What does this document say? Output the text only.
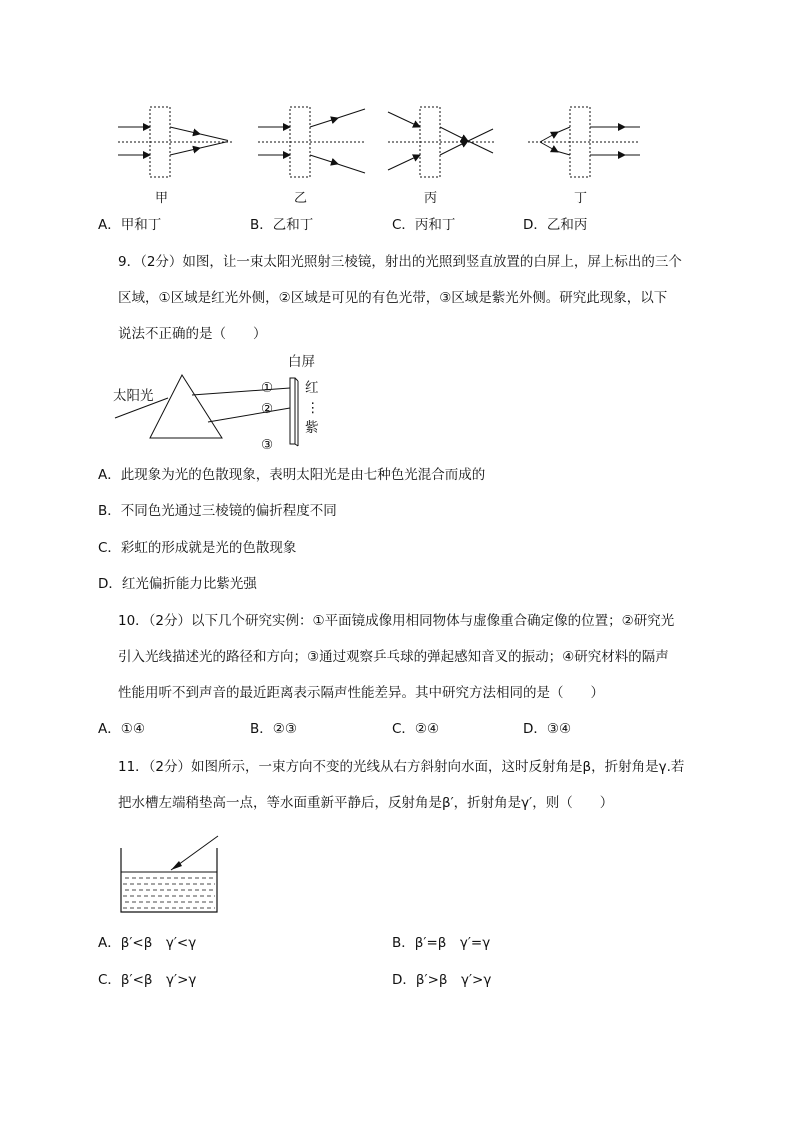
甲	乙	丙	丁
A．甲和丁	B．乙和丁	C．丙和丁	D．乙和丙
9．（2分）如图，让一束太阳光照射三棱镜，射出的光照到竖直放置的白屏上，屏上标出的三个
区域，①区域是红光外侧，②区域是可见的有色光带，③区域是紫光外侧。研究此现象，以下
说法不正确的是（　　）
太阳光
白屏
①
②
③
红
⋮
紫
A．此现象为光的色散现象，表明太阳光是由七种色光混合而成的
B．不同色光通过三棱镜的偏折程度不同
C．彩虹的形成就是光的色散现象
D．红光偏折能力比紫光强
10．（2分）以下几个研究实例：①平面镜成像用相同物体与虚像重合确定像的位置；②研究光
引入光线描述光的路径和方向；③通过观察乒乓球的弹起感知音叉的振动；④研究材料的隔声
性能用听不到声音的最近距离表示隔声性能差异。其中研究方法相同的是（　　）
A．①④	B．②③	C．②④	D．③④
11．（2分）如图所示，一束方向不变的光线从右方斜射向水面，这时反射角是β，折射角是γ.若
把水槽左端稍垫高一点，等水面重新平静后，反射角是β′，折射角是γ′，则（　　）
A．β′<β　γ′<γ	B．β′=β　γ′=γ
C．β′<β　γ′>γ	D．β′>β　γ′>γ
